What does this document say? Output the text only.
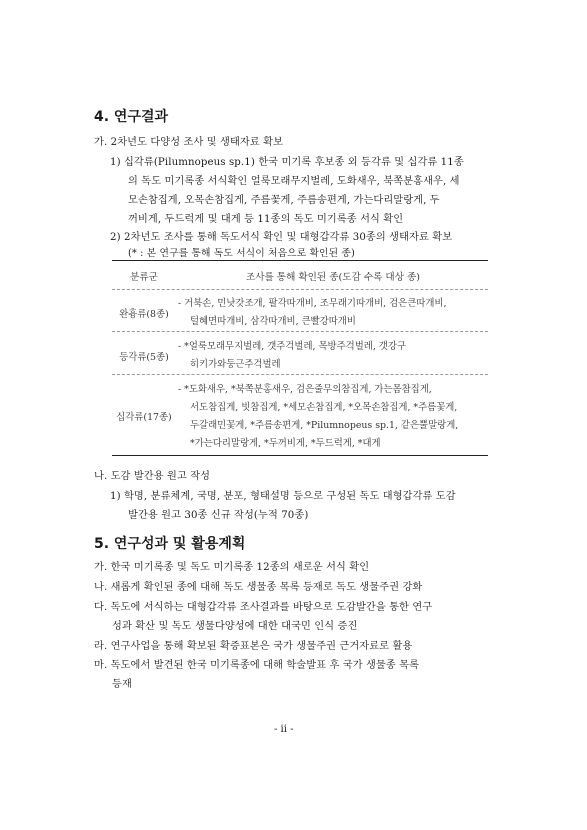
4. 연구결과
가. 2차년도 다양성 조사 및 생태자료 확보
1) 십각류(Pilumnopeus sp.1) 한국 미기록 후보종 외 등각류 및 십각류 11종
의 독도 미기록종 서식확인 얼룩모래무지벌레, 도화새우, 북쪽분홍새우, 세
모손참집게, 오목손참집게, 주름꽃게, 주름송편게, 가는다리말랑게, 두
꺼비게, 두드럭게 및 대게 등 11종의 독도 미기록종 서식 확인
2) 2차년도 조사를 통해 독도서식 확인 및 대형갑각류 30종의 생태자료 확보
(* : 본 연구를 통해 독도 서식이 처음으로 확인된 종)
분류군	조사를 통해 확인된 종(도감 수록 대상 종)
완흉류(8종)
- 거북손, 민낫갓조개, 팔각따개비, 조무래기따개비, 검은큰따개비,
털혜면따개비, 삼각따개비, 큰빨강따개비
등각류(5종)
- *얼룩모래무지벌레, 갯주걱벌레, 목방주걱벌레, 갯강구
히키가와둥근주걱벌레
십각류(17종)
- *도화새우, *북쪽분홍새우, 검은줄무의참집게, 가는몸참집게,
서도참집게, 빗참집게, *세모손참집게, *오목손참집게, *주름꽃게,
두갈래민꽃게, *주름송편게, *Pilumnopeus sp.1, 같은뿔말랑게,
*가는다리말랑게, *두꺼비게, *두드럭게, *대게
나. 도감 발간용 원고 작성
1) 학명, 분류체계, 국명, 분포, 형태설명 등으로 구성된 독도 대형갑각류 도감
발간용 원고 30종 신규 작성(누적 70종)
5. 연구성과 및 활용계획
가. 한국 미기록종 및 독도 미기록종 12종의 새로운 서식 확인
나. 새롭게 확인된 종에 대해 독도 생물종 목록 등재로 독도 생물주권 강화
다. 독도에 서식하는 대형갑각류 조사결과를 바탕으로 도감발간을 통한 연구
성과 확산 및 독도 생물다양성에 대한 대국민 인식 증진
라. 연구사업을 통해 확보된 확증표본은 국가 생물주권 근거자료로 활용
마. 독도에서 발견된 한국 미기록종에 대해 학술발표 후 국가 생물종 목록
등재
- ii -
